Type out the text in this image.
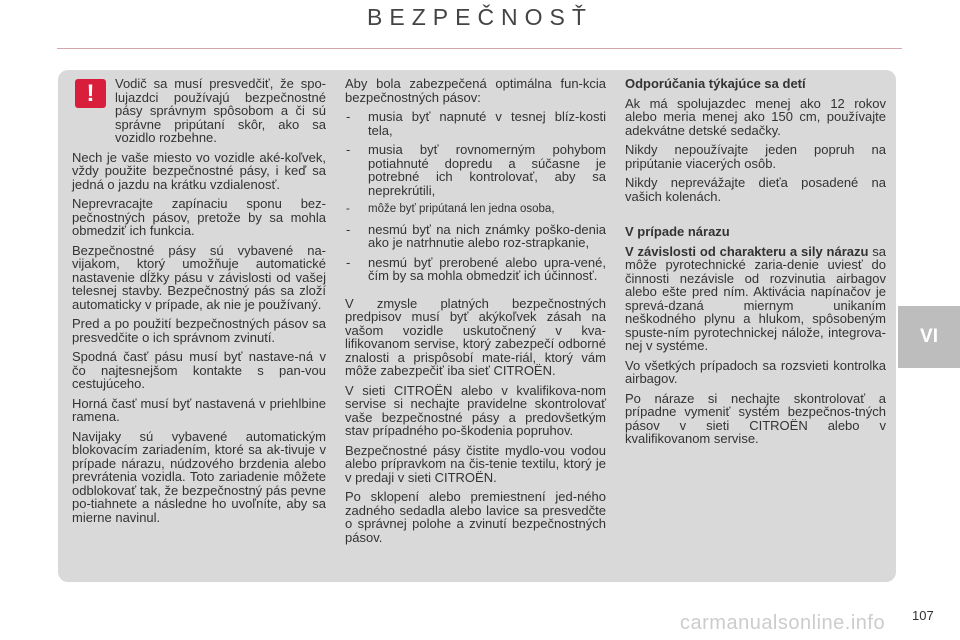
BEZPEČNOSŤ
!	Vodič sa musí presvedčiť, že spo-lujazdci používajú bezpečnostné pásy správnym spôsobom a či sú správne pripútaní skôr, ako sa vozidlo rozbehne.

Nech je vaše miesto vo vozidle aké-koľvek, vždy použite bezpečnostné pásy, i keď sa jedná o jazdu na krátku vzdialenosť.

Neprevracajte zapínaciu sponu bez-pečnostných pásov, pretože by sa mohla obmedziť ich funkcia.

Bezpečnostné pásy sú vybavené na-vijakom, ktorý umožňuje automatické nastavenie dĺžky pásu v závislosti od vašej telesnej stavby. Bezpečnostný pás sa zloží automaticky v prípade, ak nie je používaný.

Pred a po použití bezpečnostných pásov sa presvedčite o ich správnom zvinutí.

Spodná časť pásu musí byť nastave-ná v čo najtesnejšom kontakte s pan-vou cestujúceho.

Horná časť musí byť nastavená v priehlbine ramena.

Navijaky sú vybavené automatickým blokovacím zariadením, ktoré sa ak-tivuje v prípade nárazu, núdzového brzdenia alebo prevrátenia vozidla. Toto zariadenie môžete odblokovať tak, že bezpečnostný pás pevne po-tiahnete a následne ho uvoľníte, aby sa mierne navinul.

Aby bola zabezpečená optimálna fun-kcia bezpečnostných pásov:

- musia byť napnuté v tesnej blíz-kosti tela,
- musia byť rovnomerným pohybom potiahnuté dopredu a súčasne je potrebné ich kontrolovať, aby sa neprekrútili,
- môže byť pripútaná len jedna osoba,
- nesmú byť na nich známky poško-denia ako je natrhnutie alebo roz-strapkanie,
- nesmú byť prerobené alebo upra-vené, čím by sa mohla obmedziť ich účinnosť.

V zmysle platných bezpečnostných predpisov musí byť akýkoľvek zásah na vašom vozidle uskutočnený v kva-lifikovanom servise, ktorý zabezpečí odborné znalosti a prispôsobí mate-riál, ktorý vám môže zabezpečiť iba sieť CITROËN.

V sieti CITROËN alebo v kvalifikova-nom servise si nechajte pravidelne skontrolovať vaše bezpečnostné pásy a predovšetkým stav prípadného po-škodenia popruhov.

Bezpečnostné pásy čistite mydlo-vou vodou alebo prípravkom na čis-tenie textilu, ktorý je v predaji v sieti CITROËN.

Po sklopení alebo premiestnení jed-ného zadného sedadla alebo lavice sa presvedčte o správnej polohe a zvinutí bezpečnostných pásov.

Odporúčania týkajúce sa detí

Ak má spolujazdec menej ako 12 rokov alebo meria menej ako 150 cm, používajte adekvátne detské sedačky.

Nikdy nepoužívajte jeden popruh na pripútanie viacerých osôb.

Nikdy neprevážajte dieťa posadené na vašich kolenách.

V prípade nárazu

V závislosti od charakteru a sily nárazu sa môže pyrotechnické zaria-denie uviesť do činnosti nezávisle od rozvinutia airbagov alebo ešte pred ním. Aktivácia napínačov je sprevá-dzaná miernym unikaním neškodného plynu a hlukom, spôsobeným spuste-ním pyrotechnickej nálože, integrova-nej v systéme.

Vo všetkých prípadoch sa rozsvieti kontrolka airbagov.

Po náraze si nechajte skontrolovať a prípadne vymeniť systém bezpečnos-tných pásov v sieti CITROËN alebo v kvalifikovanom servise.

VI
carmanualsonline.info 107
